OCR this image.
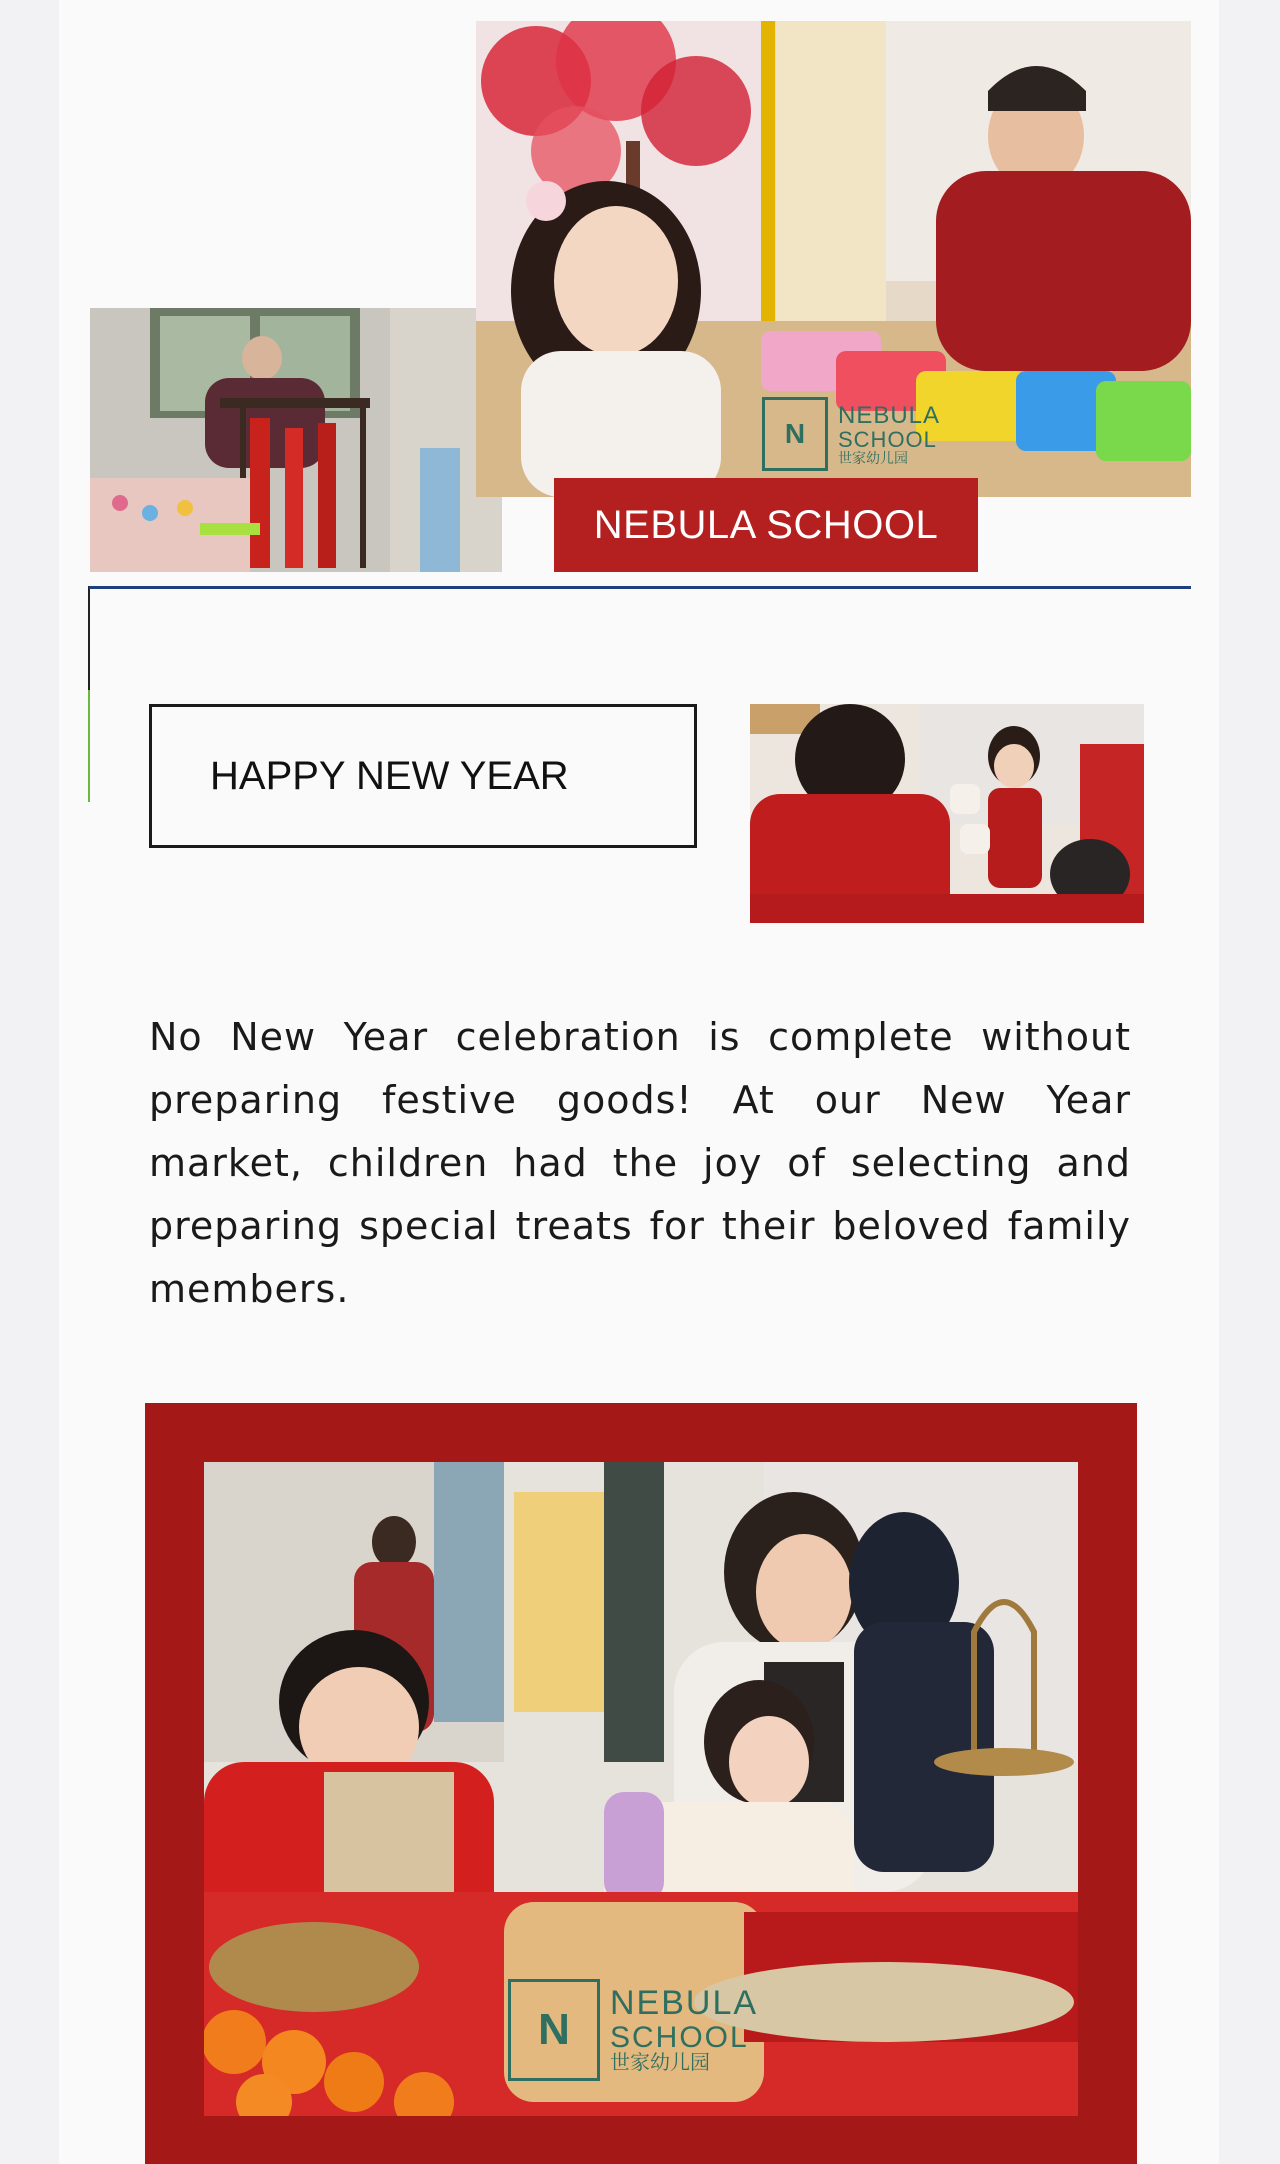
N
NEBULA
SCHOOL
世家幼儿园
NEBULA SCHOOL
HAPPY NEW YEAR

No New Year celebration is complete without preparing festive goods! At our New Year market, children had the joy of selecting and preparing special treats for their beloved family members.

N
NEBULA
SCHOOL
世家幼儿园
